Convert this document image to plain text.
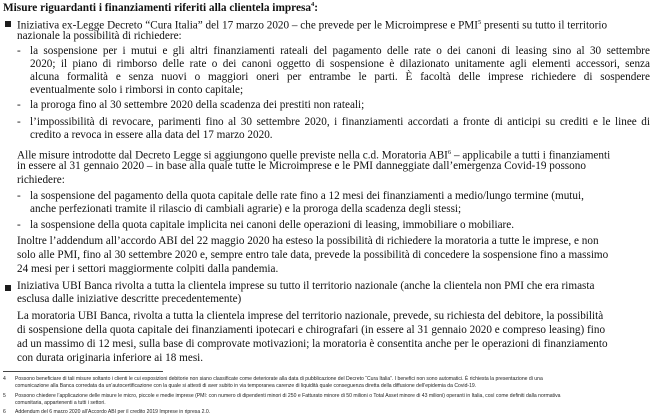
Misure riguardanti i finanziamenti riferiti alla clientela impresa$^4$:
Iniziativa ex-Legge Decreto “Cura Italia” del 17 marzo 2020 – che prevede per le Microimprese e PMI$^5$ presenti su tutto il territorio
nazionale la possibilità di richiedere:
- la sospensione per i mutui e gli altri finanziamenti rateali del pagamento delle rate o dei canoni di leasing sino al 30 settembre
2020; il piano di rimborso delle rate o dei canoni oggetto di sospensione è dilazionato unitamente agli elementi accessori, senza
alcuna formalità e senza nuovi o maggiori oneri per entrambe le parti. È facoltà delle imprese richiedere di sospendere
eventualmente solo i rimborsi in conto capitale;
- la proroga fino al 30 settembre 2020 della scadenza dei prestiti non rateali;
- l’impossibilità di revocare, parimenti fino al 30 settembre 2020, i finanziamenti accordati a fronte di anticipi su crediti e le linee di
credito a revoca in essere alla data del 17 marzo 2020.
Alle misure introdotte dal Decreto Legge si aggiungono quelle previste nella c.d. Moratoria ABI$^6$ – applicabile a tutti i finanziamenti
in essere al 31 gennaio 2020 – in base alla quale tutte le Microimprese e le PMI danneggiate dall’emergenza Covid-19 possono
richiedere:
- la sospensione del pagamento della quota capitale delle rate fino a 12 mesi dei finanziamenti a medio/lungo termine (mutui,
anche perfezionati tramite il rilascio di cambiali agrarie) e la proroga della scadenza degli stessi;
- la sospensione della quota capitale implicita nei canoni delle operazioni di leasing, immobiliare o mobiliare.
Inoltre l’addendum all’accordo ABI del 22 maggio 2020 ha esteso la possibilità di richiedere la moratoria a tutte le imprese, e non
solo alle PMI, fino al 30 settembre 2020 e, sempre entro tale data, prevede la possibilità di concedere la sospensione fino a massimo
24 mesi per i settori maggiormente colpiti dalla pandemia.
Iniziativa UBI Banca rivolta a tutta la clientela imprese su tutto il territorio nazionale (anche la clientela non PMI che era rimasta
esclusa dalle iniziative descritte precedentemente)
La moratoria UBI Banca, rivolta a tutta la clientela imprese del territorio nazionale, prevede, su richiesta del debitore, la possibilità
di sospensione della quota capitale dei finanziamenti ipotecari e chirografari (in essere al 31 gennaio 2020 e compreso leasing) fino
ad un massimo di 12 mesi, sulla base di comprovate motivazioni; la moratoria è consentita anche per le operazioni di finanziamento
con durata originaria inferiore ai 18 mesi.
4 Possono beneficiare di tali misure soltanto i clienti le cui esposizioni debitorie non siano classificate come deteriorate alla data di pubblicazione del Decreto “Cura Italia”. I benefici non sono automatici. È richiesta la presentazione di una
comunicazione alla Banca corredata da un’autocertificazione con la quale si attesti di aver subito in via temporanea carenze di liquidità quale conseguenza diretta della diffusione dell’epidemia da Covid-19.
5 Possono chiedere l’applicazione delle misure le micro, piccole e medie imprese (PMI: con numero di dipendenti minori di 250 e Fatturato minore di 50 milioni o Total Asset minore di 43 milioni) operanti in Italia, così come definiti dalla normativa
comunitaria, appartenenti a tutti i settori.
6 Addendum del 6 marzo 2020 all’Accordo ABI per il credito 2019 Imprese in ripresa 2.0.
